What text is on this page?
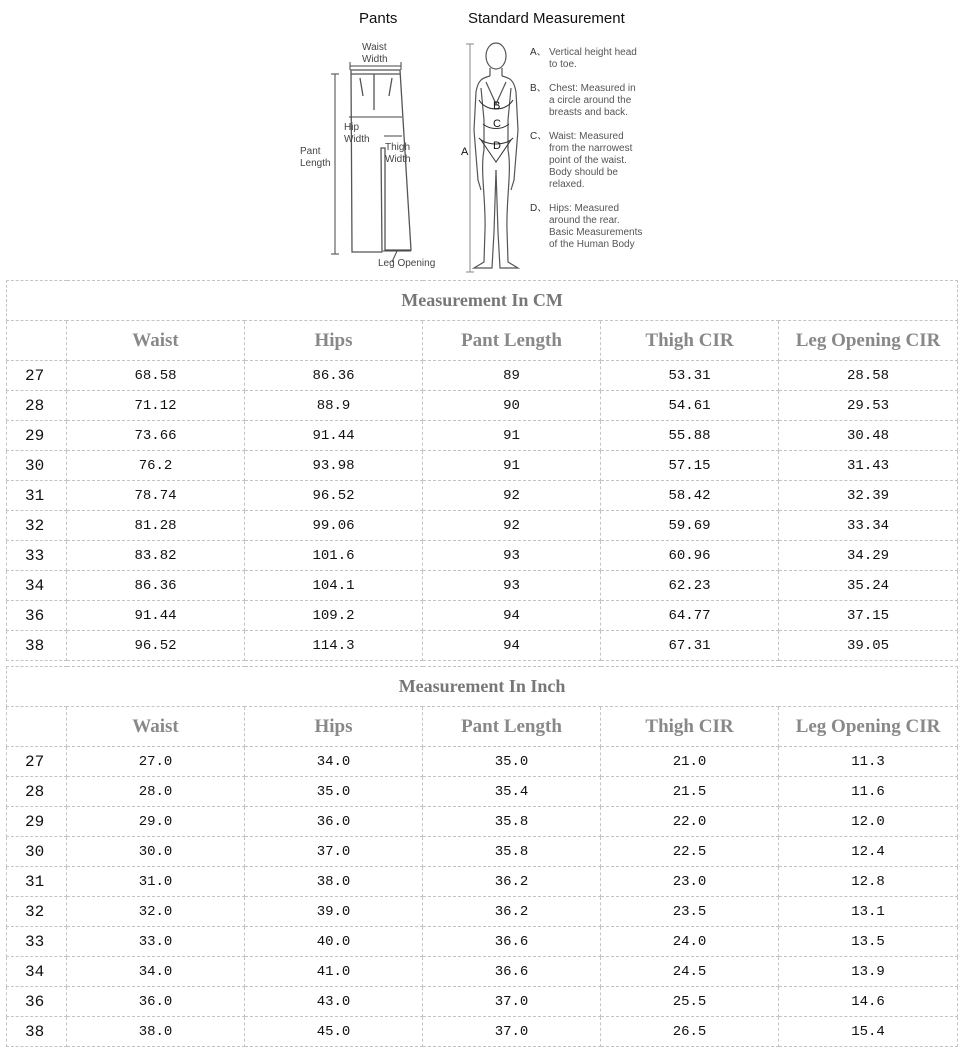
Pants	Standard Measurement
Waist
Width
Hip
Width
Thigh
Width
Pant
Length
Leg Opening
A
B
C
D
A、 Vertical height head
to toe.
B、 Chest: Measured in
a circle around the
breasts and back.
C、 Waist: Measured
from the narrowest
point of the waist.
Body should be
relaxed.
D、 Hips: Measured
around the rear.
Basic Measurements
of the Human Body
Measurement In CM					
	Waist	Hips	Pant Length	Thigh CIR	Leg Opening CIR
27	68.58	86.36	89	53.31	28.58
28	71.12	88.9	90	54.61	29.53
29	73.66	91.44	91	55.88	30.48
30	76.2	93.98	91	57.15	31.43
31	78.74	96.52	92	58.42	32.39
32	81.28	99.06	92	59.69	33.34
33	83.82	101.6	93	60.96	34.29
34	86.36	104.1	93	62.23	35.24
36	91.44	109.2	94	64.77	37.15
38	96.52	114.3	94	67.31	39.05
Measurement In Inch					
	Waist	Hips	Pant Length	Thigh CIR	Leg Opening CIR
27	27.0	34.0	35.0	21.0	11.3
28	28.0	35.0	35.4	21.5	11.6
29	29.0	36.0	35.8	22.0	12.0
30	30.0	37.0	35.8	22.5	12.4
31	31.0	38.0	36.2	23.0	12.8
32	32.0	39.0	36.2	23.5	13.1
33	33.0	40.0	36.6	24.0	13.5
34	34.0	41.0	36.6	24.5	13.9
36	36.0	43.0	37.0	25.5	14.6
38	38.0	45.0	37.0	26.5	15.4
